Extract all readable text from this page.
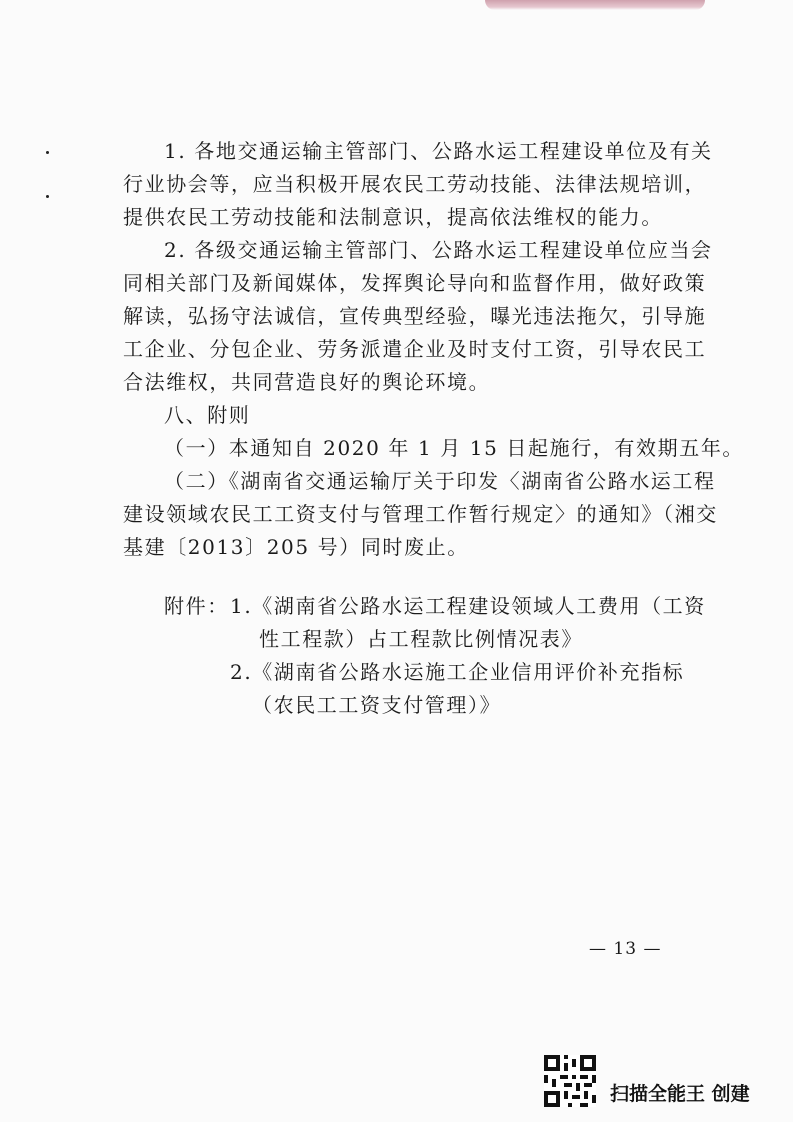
1. 各地交通运输主管部门、公路水运工程建设单位及有关
行业协会等，应当积极开展农民工劳动技能、法律法规培训，
提供农民工劳动技能和法制意识，提高依法维权的能力。
2. 各级交通运输主管部门、公路水运工程建设单位应当会
同相关部门及新闻媒体，发挥舆论导向和监督作用，做好政策
解读，弘扬守法诚信，宣传典型经验，曝光违法拖欠，引导施
工企业、分包企业、劳务派遣企业及时支付工资，引导农民工
合法维权，共同营造良好的舆论环境。
八、附则
（一）本通知自 2020 年 1 月 15 日起施行，有效期五年。
（二）《湖南省交通运输厅关于印发〈湖南省公路水运工程
建设领域农民工工资支付与管理工作暂行规定〉的通知》（湘交
基建〔2013〕205 号）同时废止。
附件： 1.《湖南省公路水运工程建设领域人工费用（工资
性工程款）占工程款比例情况表》
2.《湖南省公路水运施工企业信用评价补充指标
（农民工工资支付管理）》
— 13 —
扫描全能王 创建
